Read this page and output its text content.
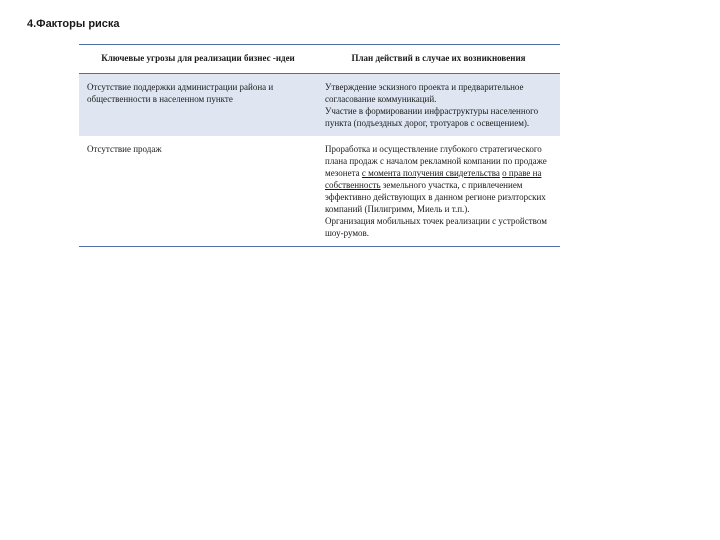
4.Факторы риска
Ключевые угрозы для реализации бизнес -идеи	План действий в случае их возникновения
Отсутствие поддержки администрации района и общественности в населенном пункте	Утверждение эскизного проекта и предварительное согласование коммуникаций.
Участие в формировании инфраструктуры населенного пункта (подъездных дорог, тротуаров с освещением).

Отсутствие продаж	Проработка и осуществление глубокого стратегического плана продаж с началом рекламной компании по продаже мезонета с момента получения свидетельства о праве на собственность земельного участка, с привлечением эффективно действующих в данном регионе риэлторских компаний (Пилигримм, Миель и т.п.).
Организация мобильных точек реализации с устройством шоу-румов.
